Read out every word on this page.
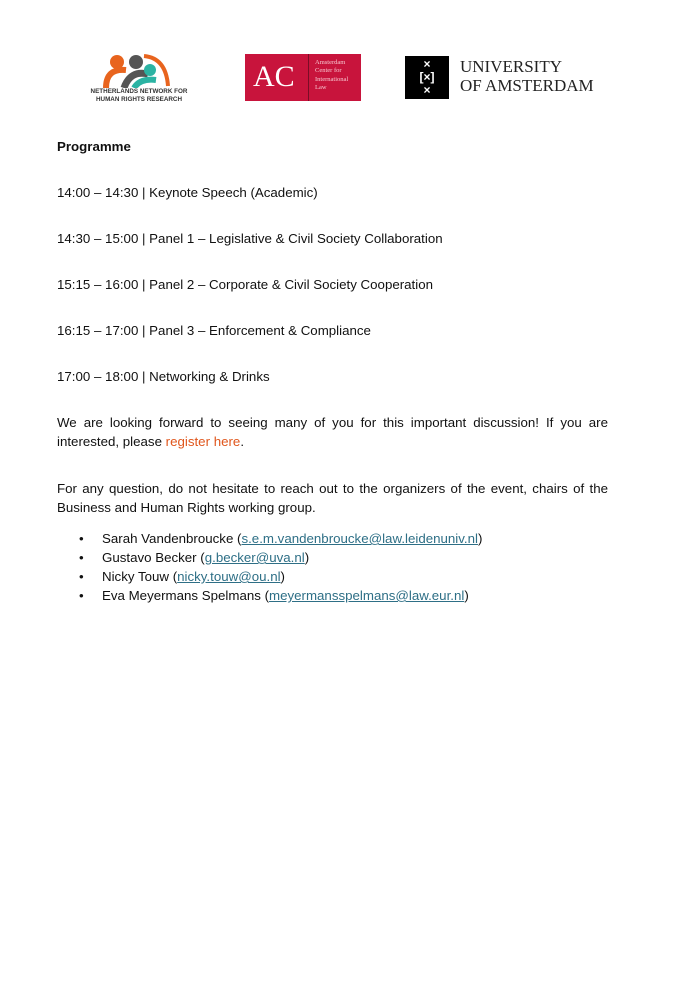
NETHERLANDS NETWORK FOR HUMAN RIGHTS RESEARCH
AC	Amsterdam
Center for
International
Law
×
[×]
×
UNIVERSITY
OF AMSTERDAM
Programme
14:00 – 14:30 | Keynote Speech (Academic)
14:30 – 15:00 | Panel 1 – Legislative & Civil Society Collaboration
15:15 – 16:00 | Panel 2 – Corporate & Civil Society Cooperation
16:15 – 17:00 | Panel 3 – Enforcement & Compliance
17:00 – 18:00 | Networking & Drinks
We are looking forward to seeing many of you for this important discussion! If you are interested, please register here.
For any question, do not hesitate to reach out to the organizers of the event, chairs of the Business and Human Rights working group.
• Sarah Vandenbroucke (s.e.m.vandenbroucke@law.leidenuniv.nl)
• Gustavo Becker (g.becker@uva.nl)
• Nicky Touw (nicky.touw@ou.nl)
• Eva Meyermans Spelmans (meyermansspelmans@law.eur.nl)
